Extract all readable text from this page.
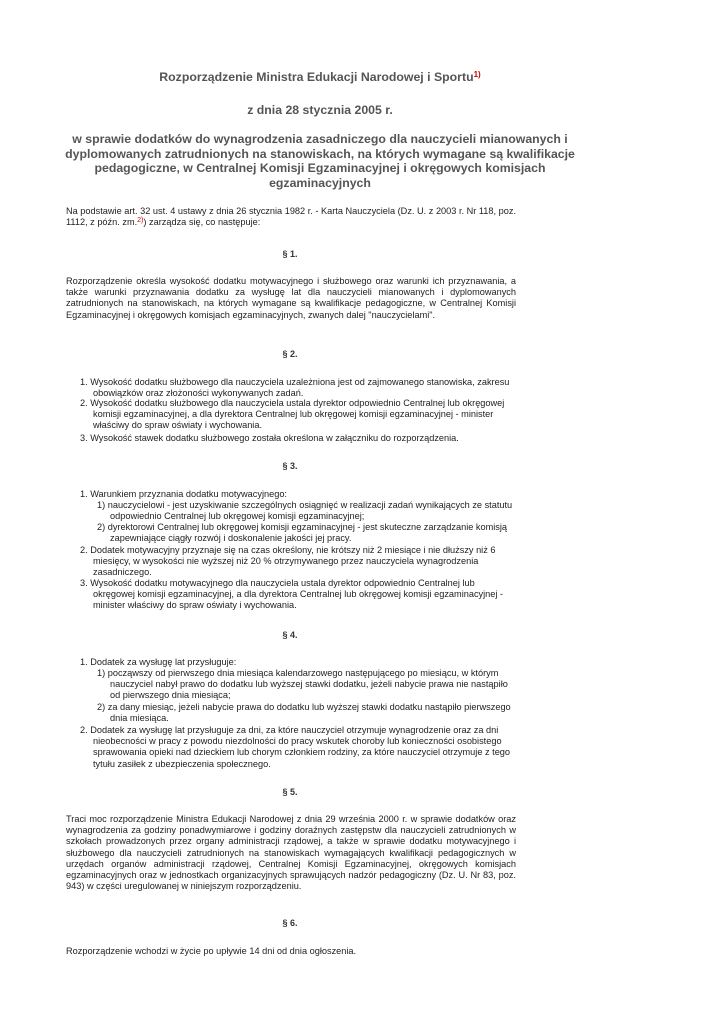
Rozporządzenie Ministra Edukacji Narodowej i Sportu$^{1)}$
z dnia 28 stycznia 2005 r.
w sprawie dodatków do wynagrodzenia zasadniczego dla nauczycieli mianowanych i dyplomowanych zatrudnionych na stanowiskach, na których wymagane są kwalifikacje pedagogiczne, w Centralnej Komisji Egzaminacyjnej i okręgowych komisjach egzaminacyjnych
Na podstawie art. 32 ust. 4 ustawy z dnia 26 stycznia 1982 r. - Karta Nauczyciela (Dz. U. z 2003 r. Nr 118, poz. 1112, z późn. zm.$^{2)}$) zarządza się, co następuje:
§ 1.
Rozporządzenie określa wysokość dodatku motywacyjnego i służbowego oraz warunki ich przyznawania, a także warunki przyznawania dodatku za wysługę lat dla nauczycieli mianowanych i dyplomowanych zatrudnionych na stanowiskach, na których wymagane są kwalifikacje pedagogiczne, w Centralnej Komisji Egzaminacyjnej i okręgowych komisjach egzaminacyjnych, zwanych dalej "nauczycielami".
§ 2.
1. Wysokość dodatku służbowego dla nauczyciela uzależniona jest od zajmowanego stanowiska, zakresu obowiązków oraz złożoności wykonywanych zadań.
2. Wysokość dodatku służbowego dla nauczyciela ustala dyrektor odpowiednio Centralnej lub okręgowej komisji egzaminacyjnej, a dla dyrektora Centralnej lub okręgowej komisji egzaminacyjnej - minister właściwy do spraw oświaty i wychowania.
3. Wysokość stawek dodatku służbowego została określona w załączniku do rozporządzenia.
§ 3.
1. Warunkiem przyznania dodatku motywacyjnego:
1) nauczycielowi - jest uzyskiwanie szczególnych osiągnięć w realizacji zadań wynikających ze statutu odpowiednio Centralnej lub okręgowej komisji egzaminacyjnej;
2) dyrektorowi Centralnej lub okręgowej komisji egzaminacyjnej - jest skuteczne zarządzanie komisją zapewniające ciągły rozwój i doskonalenie jakości jej pracy.
2. Dodatek motywacyjny przyznaje się na czas określony, nie krótszy niż 2 miesiące i nie dłuższy niż 6 miesięcy, w wysokości nie wyższej niż 20 % otrzymywanego przez nauczyciela wynagrodzenia zasadniczego.
3. Wysokość dodatku motywacyjnego dla nauczyciela ustala dyrektor odpowiednio Centralnej lub okręgowej komisji egzaminacyjnej, a dla dyrektora Centralnej lub okręgowej komisji egzaminacyjnej - minister właściwy do spraw oświaty i wychowania.
§ 4.
1. Dodatek za wysługę lat przysługuje:
1) począwszy od pierwszego dnia miesiąca kalendarzowego następującego po miesiącu, w którym nauczyciel nabył prawo do dodatku lub wyższej stawki dodatku, jeżeli nabycie prawa nie nastąpiło od pierwszego dnia miesiąca;
2) za dany miesiąc, jeżeli nabycie prawa do dodatku lub wyższej stawki dodatku nastąpiło pierwszego dnia miesiąca.
2. Dodatek za wysługę lat przysługuje za dni, za które nauczyciel otrzymuje wynagrodzenie oraz za dni nieobecności w pracy z powodu niezdolności do pracy wskutek choroby lub konieczności osobistego sprawowania opieki nad dzieckiem lub chorym członkiem rodziny, za które nauczyciel otrzymuje z tego tytułu zasiłek z ubezpieczenia społecznego.
§ 5.
Traci moc rozporządzenie Ministra Edukacji Narodowej z dnia 29 września 2000 r. w sprawie dodatków oraz wynagrodzenia za godziny ponadwymiarowe i godziny doraźnych zastępstw dla nauczycieli zatrudnionych w szkołach prowadzonych przez organy administracji rządowej, a także w sprawie dodatku motywacyjnego i służbowego dla nauczycieli zatrudnionych na stanowiskach wymagających kwalifikacji pedagogicznych w urzędach organów administracji rządowej, Centralnej Komisji Egzaminacyjnej, okręgowych komisjach egzaminacyjnych oraz w jednostkach organizacyjnych sprawujących nadzór pedagogiczny (Dz. U. Nr 83, poz. 943) w części uregulowanej w niniejszym rozporządzeniu.
§ 6.
Rozporządzenie wchodzi w życie po upływie 14 dni od dnia ogłoszenia.
